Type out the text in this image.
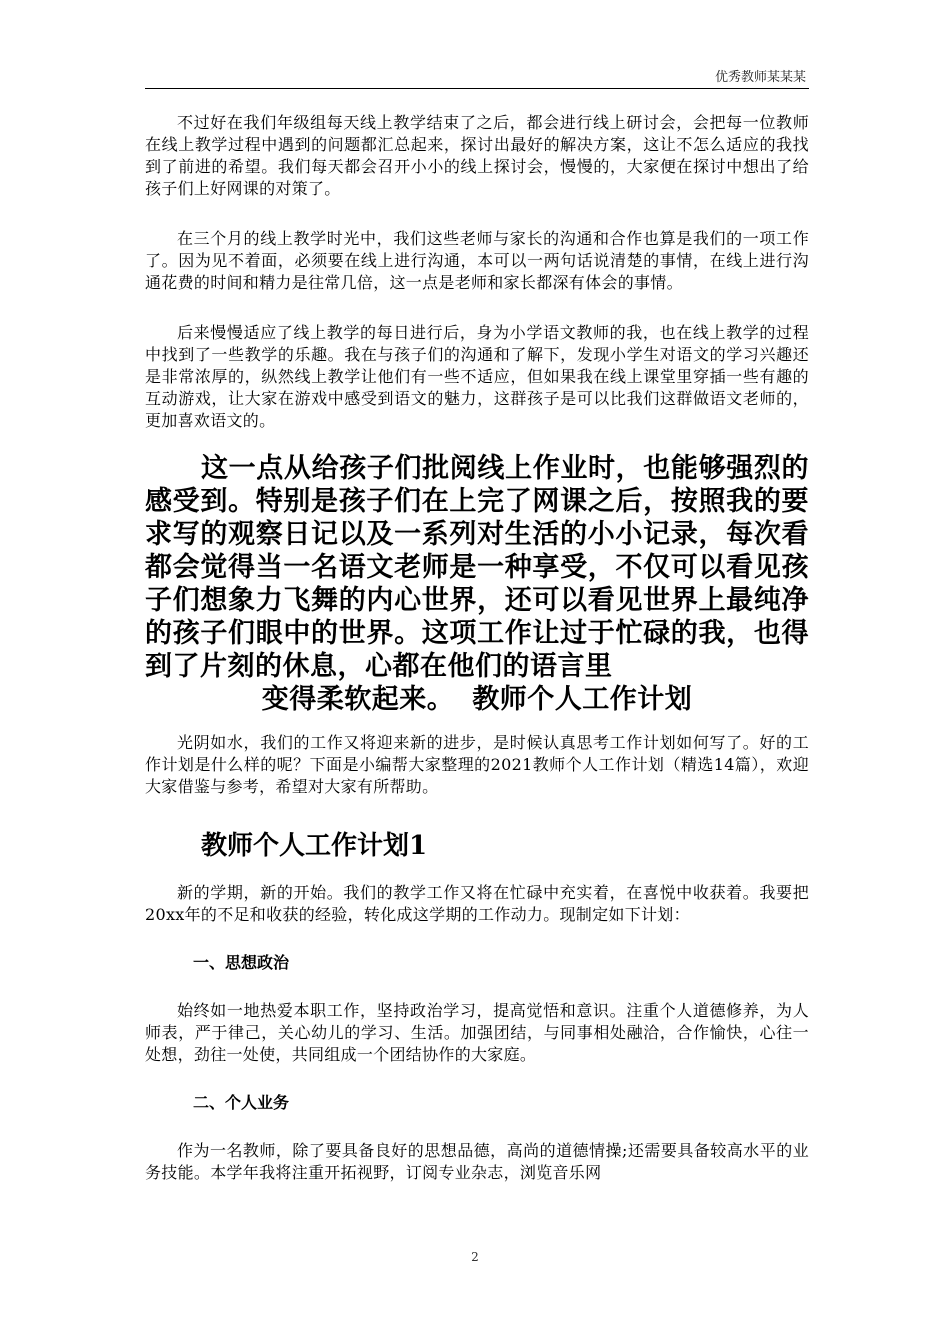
优秀教师某某某

不过好在我们年级组每天线上教学结束了之后，都会进行线上研讨会，会把每一位教师在线上教学过程中遇到的问题都汇总起来，探讨出最好的解决方案，这让不怎么适应的我找到了前进的希望。我们每天都会召开小小的线上探讨会，慢慢的，大家便在探讨中想出了给孩子们上好网课的对策了。

在三个月的线上教学时光中，我们这些老师与家长的沟通和合作也算是我们的一项工作了。因为见不着面，必须要在线上进行沟通，本可以一两句话说清楚的事情，在线上进行沟通花费的时间和精力是往常几倍，这一点是老师和家长都深有体会的事情。

后来慢慢适应了线上教学的每日进行后，身为小学语文教师的我，也在线上教学的过程中找到了一些教学的乐趣。我在与孩子们的沟通和了解下，发现小学生对语文的学习兴趣还是非常浓厚的，纵然线上教学让他们有一些不适应，但如果我在线上课堂里穿插一些有趣的互动游戏，让大家在游戏中感受到语文的魅力，这群孩子是可以比我们这群做语文老师的，更加喜欢语文的。

这一点从给孩子们批阅线上作业时，也能够强烈的感受到。特别是孩子们在上完了网课之后，按照我的要求写的观察日记以及一系列对生活的小小记录，每次看都会觉得当一名语文老师是一种享受，不仅可以看见孩子们想象力飞舞的内心世界，还可以看见世界上最纯净的孩子们眼中的世界。这项工作让过于忙碌的我，也得到了片刻的休息，心都在他们的语言里
变得柔软起来。 教师个人工作计划

光阴如水，我们的工作又将迎来新的进步，是时候认真思考工作计划如何写了。好的工作计划是什么样的呢？下面是小编帮大家整理的2021教师个人工作计划（精选14篇），欢迎大家借鉴与参考，希望对大家有所帮助。

教师个人工作计划1

新的学期，新的开始。我们的教学工作又将在忙碌中充实着，在喜悦中收获着。我要把20xx年的不足和收获的经验，转化成这学期的工作动力。现制定如下计划：

一、思想政治

始终如一地热爱本职工作，坚持政治学习，提高觉悟和意识。注重个人道德修养，为人师表，严于律己，关心幼儿的学习、生活。加强团结，与同事相处融洽，合作愉快，心往一处想，劲往一处使，共同组成一个团结协作的大家庭。

二、个人业务

作为一名教师，除了要具备良好的思想品德，高尚的道德情操;还需要具备较高水平的业务技能。本学年我将注重开拓视野，订阅专业杂志，浏览音乐网

2
